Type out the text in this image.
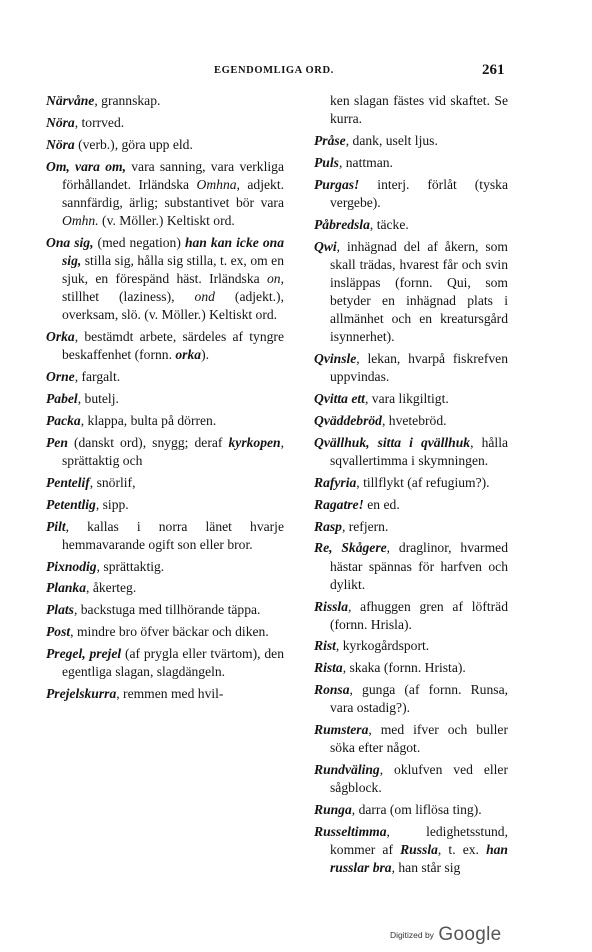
EGENDOMLIGA ORD.	261
Närvåne, grannskap.
Nöra, torrved.
Nöra (verb.), göra upp eld.
Om, vara om, vara sanning, vara verkliga förhållandet. Irländska Omhna, adjekt. sannfärdig, ärlig; substantivet bör vara Omhn. (v. Möller.) Keltiskt ord.
Ona sig, (med negation) han kan icke ona sig, stilla sig, hålla sig stilla, t. ex, om en sjuk, en förespänd häst. Irländska on, stillhet (laziness), ond (adjekt.), overksam, slö. (v. Möller.) Keltiskt ord.
Orka, bestämdt arbete, särdeles af tyngre beskaffenhet (fornn. orka).
Orne, fargalt.
Pabel, butelj.
Packa, klappa, bulta på dörren.
Pen (danskt ord), snygg; deraf kyrkopen, sprättaktig och
Pentelif, snörlif,
Petentlig, sipp.
Pilt, kallas i norra länet hvarje hemmavarande ogift son eller bror.
Pixnodig, sprättaktig.
Planka, åkerteg.
Plats, backstuga med tillhörande täppa.
Post, mindre bro öfver bäckar och diken.
Pregel, prejel (af prygla eller tvärtom), den egentliga slagan, slagdängeln.
Prejelskurra, remmen med hvil-
ken slagan fästes vid skaftet. Se kurra.
Pråse, dank, uselt ljus.
Puls, nattman.
Purgas! interj. förlåt (tyska vergebe).
Påbredsla, täcke.
Qwi, inhägnad del af åkern, som skall trädas, hvarest får och svin insläppas (fornn. Qui, som betyder en inhägnad plats i allmänhet och en kreatursgård isynnerhet).
Qvinsle, lekan, hvarpå fiskrefven uppvindas.
Qvitta ett, vara likgiltigt.
Qväddebröd, hvetebröd.
Qvällhuk, sitta i qvällhuk, hålla sqvallertimma i skymningen.
Rafyria, tillflykt (af refugium?).
Ragatre! en ed.
Rasp, refjern.
Re, Skågere, draglinor, hvarmed hästar spännas för harfven och dylikt.
Rissla, afhuggen gren af löfträd (fornn. Hrisla).
Rist, kyrkogårdsport.
Rista, skaka (fornn. Hrista).
Ronsa, gunga (af fornn. Runsa, vara ostadig?).
Rumstera, med ifver och buller söka efter något.
Rundväling, oklufven ved eller sågblock.
Runga, darra (om liflösa ting).
Russeltimma, ledighetsstund, kommer af Russla, t. ex. han russlar bra, han står sig
Digitized by Google
